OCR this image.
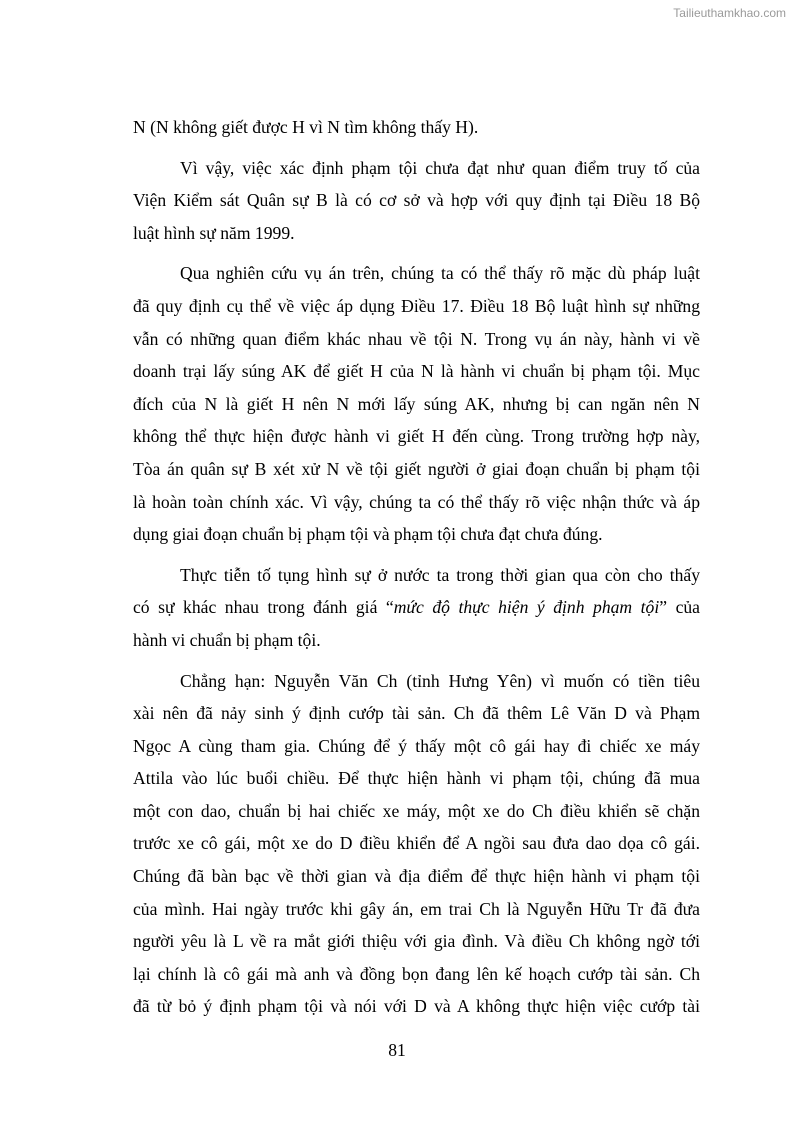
Tailieuthamkhao.com
N (N không giết được H vì N tìm không thấy H).
Vì vậy, việc xác định phạm tội chưa đạt như quan điểm truy tố của
Viện Kiểm sát Quân sự B là có cơ sở và hợp với quy định tại Điều 18 Bộ
luật hình sự năm 1999.
Qua nghiên cứu vụ án trên, chúng ta có thể thấy rõ mặc dù pháp luật
đã quy định cụ thể về việc áp dụng Điều 17. Điều 18 Bộ luật hình sự những
vẫn có những quan điểm khác nhau về tội N. Trong vụ án này, hành vi về
doanh trại lấy súng AK để giết H của N là hành vi chuẩn bị phạm tội. Mục
đích của N là giết H nên N mới lấy súng AK, nhưng bị can ngăn nên N
không thể thực hiện được hành vi giết H đến cùng. Trong trường hợp này,
Tòa án quân sự B xét xử N về tội giết người ở giai đoạn chuẩn bị phạm tội
là hoàn toàn chính xác. Vì vậy, chúng ta có thể thấy rõ việc nhận thức và áp
dụng giai đoạn chuẩn bị phạm tội và phạm tội chưa đạt chưa đúng.
Thực tiễn tố tụng hình sự ở nước ta trong thời gian qua còn cho thấy
có sự khác nhau trong đánh giá “mức độ thực hiện ý định phạm tội” của
hành vi chuẩn bị phạm tội.
Chẳng hạn: Nguyễn Văn Ch (tỉnh Hưng Yên) vì muốn có tiền tiêu
xài nên đã nảy sinh ý định cướp tài sản. Ch đã thêm Lê Văn D và Phạm
Ngọc A cùng tham gia. Chúng để ý thấy một cô gái hay đi chiếc xe máy
Attila vào lúc buổi chiều. Để thực hiện hành vi phạm tội, chúng đã mua
một con dao, chuẩn bị hai chiếc xe máy, một xe do Ch điều khiển sẽ chặn
trước xe cô gái, một xe do D điều khiển để A ngồi sau đưa dao dọa cô gái.
Chúng đã bàn bạc về thời gian và địa điểm để thực hiện hành vi phạm tội
của mình. Hai ngày trước khi gây án, em trai Ch là Nguyễn Hữu Tr đã đưa
người yêu là L về ra mắt giới thiệu với gia đình. Và điều Ch không ngờ tới
lại chính là cô gái mà anh và đồng bọn đang lên kế hoạch cướp tài sản. Ch
đã từ bỏ ý định phạm tội và nói với D và A không thực hiện việc cướp tài
81
